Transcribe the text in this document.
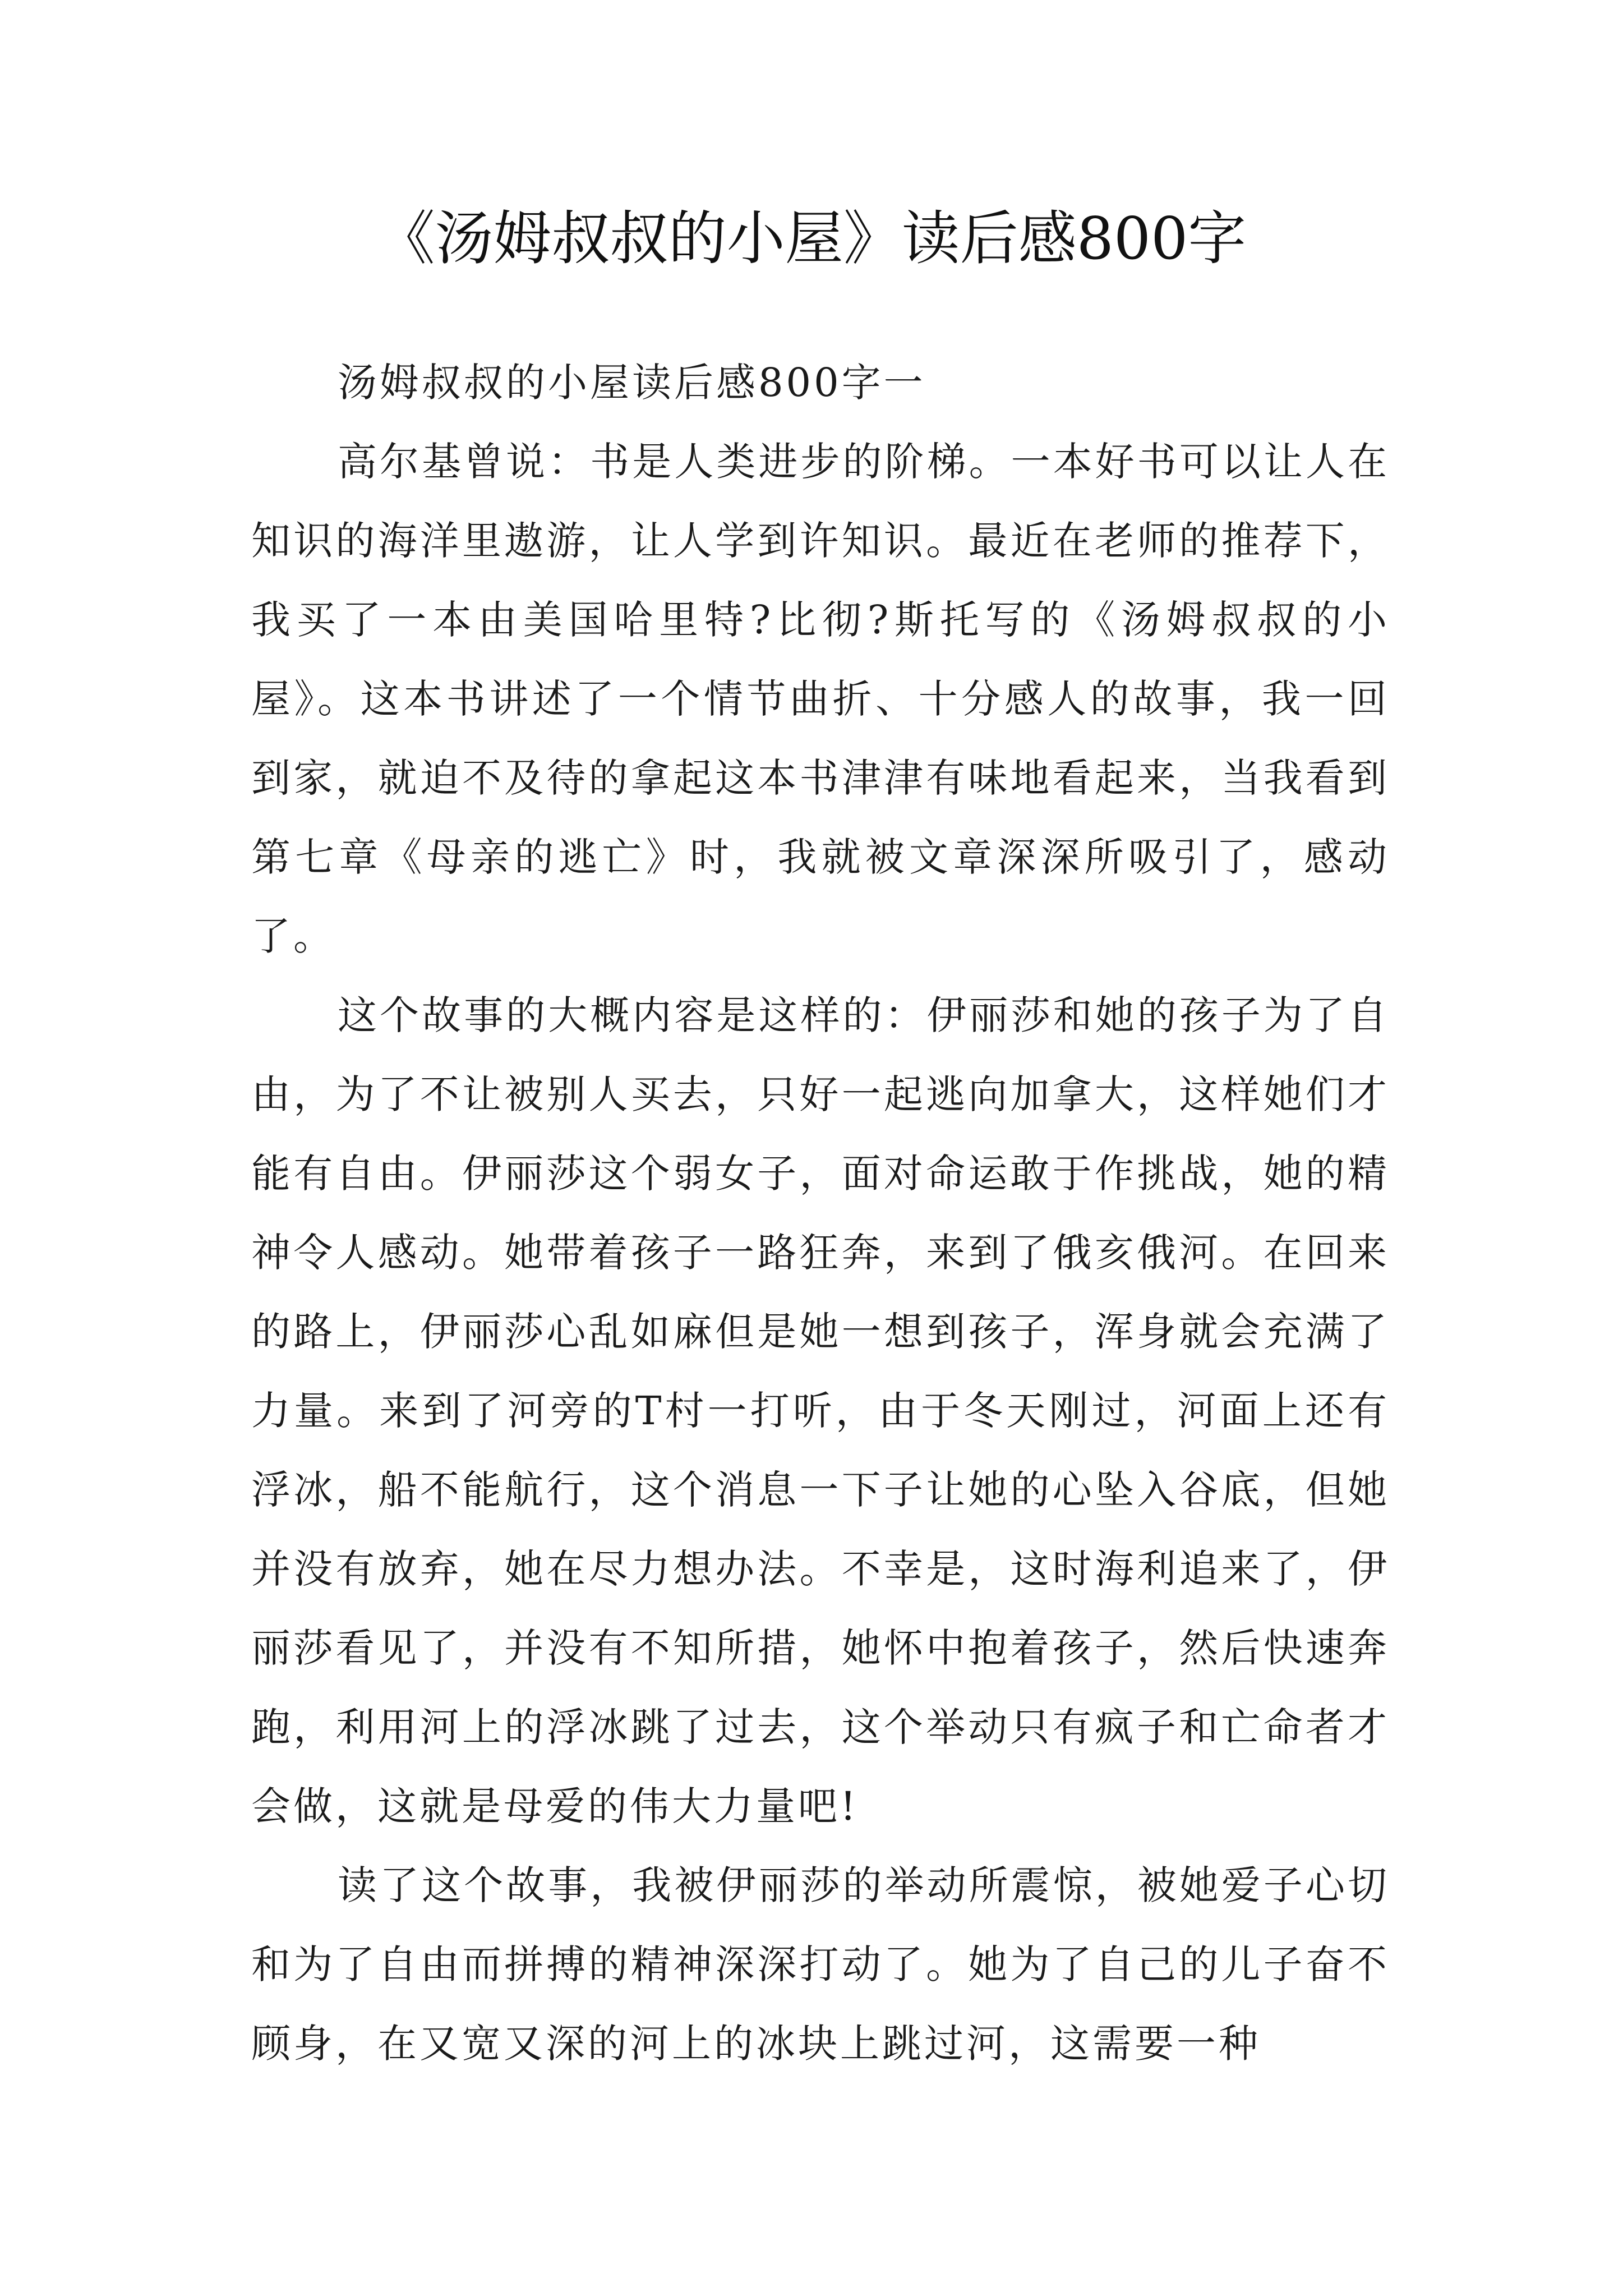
《汤姆叔叔的小屋》读后感800字

汤姆叔叔的小屋读后感800字一

高尔基曾说：书是人类进步的阶梯。一本好书可以让人在知识的海洋里遨游，让人学到许知识。最近在老师的推荐下，我买了一本由美国哈里特?比彻?斯托写的《汤姆叔叔的小屋》。这本书讲述了一个情节曲折、十分感人的故事，我一回到家，就迫不及待的拿起这本书津津有味地看起来，当我看到第七章《母亲的逃亡》时，我就被文章深深所吸引了，感动了。

这个故事的大概内容是这样的：伊丽莎和她的孩子为了自由，为了不让被别人买去，只好一起逃向加拿大，这样她们才能有自由。伊丽莎这个弱女子，面对命运敢于作挑战，她的精神令人感动。她带着孩子一路狂奔，来到了俄亥俄河。在回来的路上，伊丽莎心乱如麻但是她一想到孩子，浑身就会充满了力量。来到了河旁的T村一打听，由于冬天刚过，河面上还有浮冰，船不能航行，这个消息一下子让她的心坠入谷底，但她并没有放弃，她在尽力想办法。不幸是，这时海利追来了，伊丽莎看见了，并没有不知所措，她怀中抱着孩子，然后快速奔跑，利用河上的浮冰跳了过去，这个举动只有疯子和亡命者才会做，这就是母爱的伟大力量吧!

读了这个故事，我被伊丽莎的举动所震惊，被她爱子心切和为了自由而拼搏的精神深深打动了。她为了自己的儿子奋不顾身，在又宽又深的河上的冰块上跳过河，这需要一种
